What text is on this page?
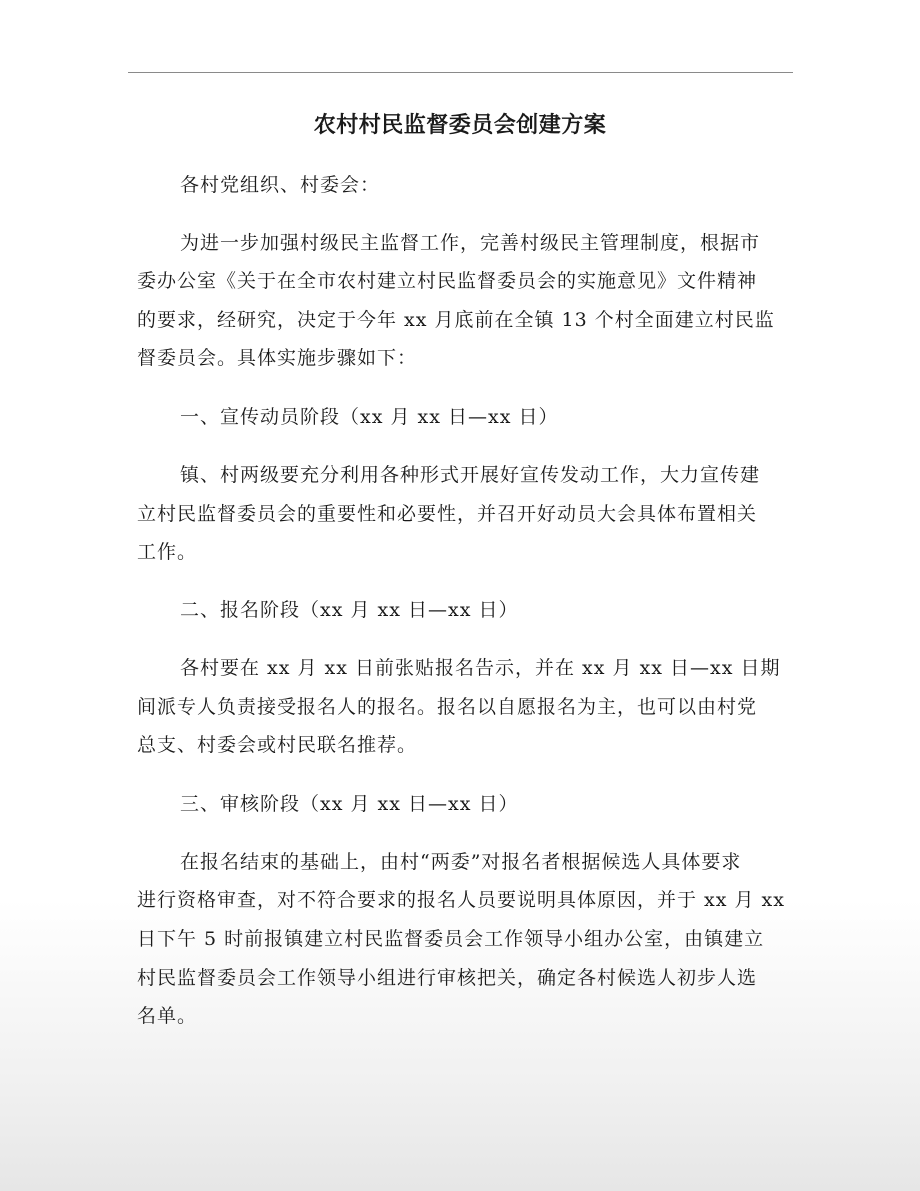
农村村民监督委员会创建方案
各村党组织、村委会：
为进一步加强村级民主监督工作，完善村级民主管理制度，根据市
委办公室《关于在全市农村建立村民监督委员会的实施意见》文件精神
的要求，经研究，决定于今年 xx 月底前在全镇 13 个村全面建立村民监
督委员会。具体实施步骤如下：
一、宣传动员阶段（xx 月 xx 日—xx 日）
镇、村两级要充分利用各种形式开展好宣传发动工作，大力宣传建
立村民监督委员会的重要性和必要性，并召开好动员大会具体布置相关
工作。
二、报名阶段（xx 月 xx 日—xx 日）
各村要在 xx 月 xx 日前张贴报名告示，并在 xx 月 xx 日—xx 日期
间派专人负责接受报名人的报名。报名以自愿报名为主，也可以由村党
总支、村委会或村民联名推荐。
三、审核阶段（xx 月 xx 日—xx 日）
在报名结束的基础上，由村“两委”对报名者根据候选人具体要求
进行资格审查，对不符合要求的报名人员要说明具体原因，并于 xx 月 xx
日下午 5 时前报镇建立村民监督委员会工作领导小组办公室，由镇建立
村民监督委员会工作领导小组进行审核把关，确定各村候选人初步人选
名单。
